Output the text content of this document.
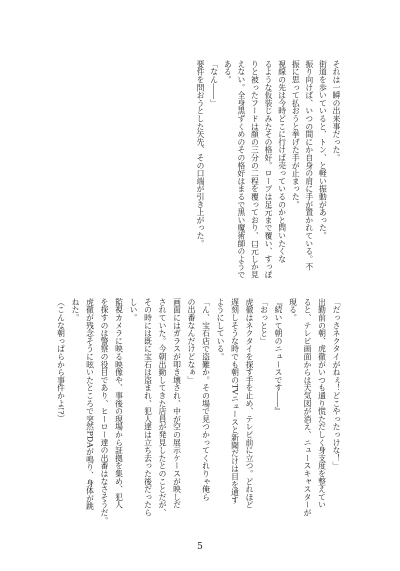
それは一瞬の出来事だった。
街道を歩いていると、トン、と軽い振動があった。
振り向けば、いつの間にか自身の肩に手が置かれている。不
振に思って払おうと挙げた手が止まった。
視線の先は今時どこに行けば売っているのかと問いたくな
るような仮装じみたその格好。ローブは足元まで覆い、すっぽ
りと被ったフードは顔の三分の二程を覆っており、口元しか見
えない。全身黒ずくめのその格好はまるで黒い魔術師のようで
ある。
「なん――」
要件を問おうとした矢先、その口端が引き上がった。
「だっさネクタイがねぇ！どこやったっけな！」
出勤前の朝、虎徹がいつも通り慌ただしく身支度を整えてい
ると、テレビ画面からは天気図が消え、ニュースキャスターが
現る。
『続いて朝のニュースです――』
「おっとと」
虎徹はネクタイを探す手を止め、テレビ前に立つ。どれほど
遅刻しそうな時でも朝のTVニュースと新聞だけは目を通す
ようにしている。
「ん、宝石店で盗難か。その場で見つかってくれりゃ俺ら
の出番なんだけどなぁ」
画面にはガラスが叩き壊され、中が空の展示ケースが映しだ
されていた。今朝出勤してきた店員が発見したとのことだが、
その時には既に宝石は盗まれ、犯人達は立ち去った後だったら
しい。
監視カメラに映る映像や、事後の現場から証拠を集め、犯人
を探すのは警察の役目であり、ヒーロー達の出番はなさそうだ。
虎徹が残念そうに呟いたところで突然PDAが鳴り、身体が跳
ねた。
（こんな朝っぱらから事件かよ!?）
5
